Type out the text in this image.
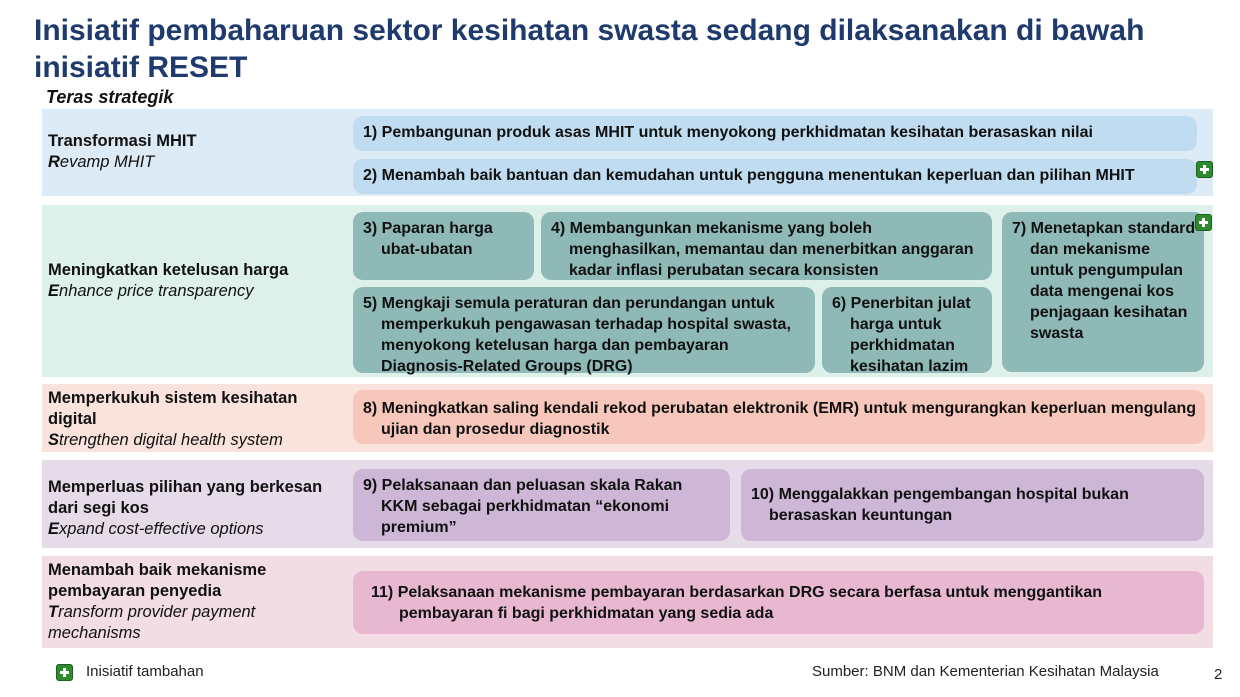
Inisiatif pembaharuan sektor kesihatan swasta sedang dilaksanakan di bawah inisiatif RESET
Teras strategik
Transformasi MHIT
Revamp MHIT
1) Pembangunan produk asas MHIT untuk menyokong perkhidmatan kesihatan berasaskan nilai
2) Menambah baik bantuan dan kemudahan untuk pengguna menentukan keperluan dan pilihan MHIT
Meningkatkan ketelusan harga
Enhance price transparency
3) Paparan harga ubat-ubatan
4) Membangunkan mekanisme yang boleh menghasilkan, memantau dan menerbitkan anggaran kadar inflasi perubatan secara konsisten
7) Menetapkan standard dan mekanisme untuk pengumpulan data mengenai kos penjagaan kesihatan swasta
5) Mengkaji semula peraturan dan perundangan untuk memperkukuh pengawasan terhadap hospital swasta, menyokong ketelusan harga dan pembayaran Diagnosis-Related Groups (DRG)
6) Penerbitan julat harga untuk perkhidmatan kesihatan lazim
Memperkukuh sistem kesihatan digital
Strengthen digital health system
8) Meningkatkan saling kendali rekod perubatan elektronik (EMR) untuk mengurangkan keperluan mengulang ujian dan prosedur diagnostik
Memperluas pilihan yang berkesan dari segi kos
Expand cost-effective options
9) Pelaksanaan dan peluasan skala Rakan KKM sebagai perkhidmatan “ekonomi premium”
10) Menggalakkan pengembangan hospital bukan berasaskan keuntungan
Menambah baik mekanisme pembayaran penyedia
Transform provider payment mechanisms
11) Pelaksanaan mekanisme pembayaran berdasarkan DRG secara berfasa untuk menggantikan pembayaran fi bagi perkhidmatan yang sedia ada
Inisiatif tambahan	Sumber: BNM dan Kementerian Kesihatan Malaysia	2
